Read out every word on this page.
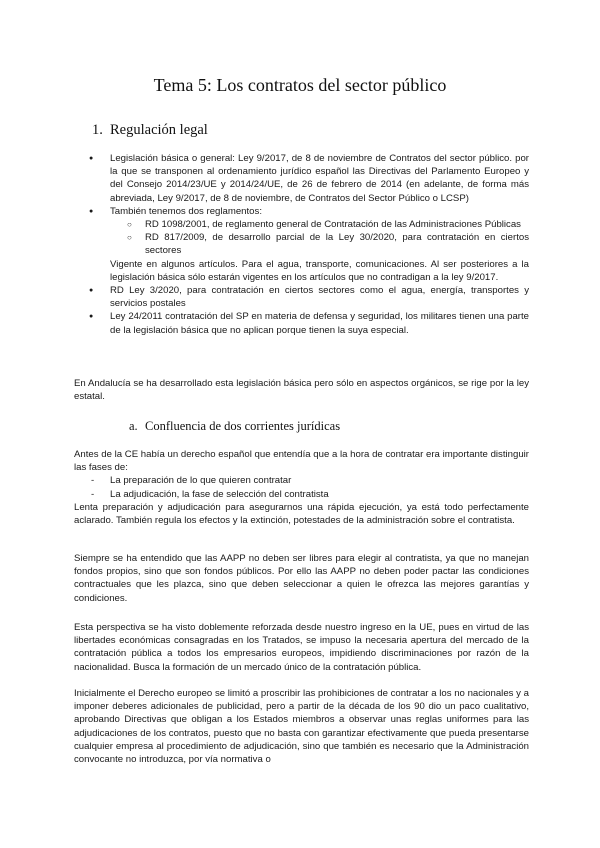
Tema 5: Los contratos del sector público
1. Regulación legal
● Legislación básica o general: Ley 9/2017, de 8 de noviembre de Contratos del sector público. por la que se transponen al ordenamiento jurídico español las Directivas del Parlamento Europeo y del Consejo 2014/23/UE y 2014/24/UE, de 26 de febrero de 2014 (en adelante, de forma más abreviada, Ley 9/2017, de 8 de noviembre, de Contratos del Sector Público o LCSP)
● También tenemos dos reglamentos:
○ RD 1098/2001, de reglamento general de Contratación de las Administraciones Públicas
○ RD 817/2009, de desarrollo parcial de la Ley 30/2020, para contratación en ciertos sectores
Vigente en algunos artículos. Para el agua, transporte, comunicaciones. Al ser posteriores a la legislación básica sólo estarán vigentes en los artículos que no contradigan a la ley 9/2017.
● RD Ley 3/2020, para contratación en ciertos sectores como el agua, energía, transportes y servicios postales
● Ley 24/2011 contratación del SP en materia de defensa y seguridad, los militares tienen una parte de la legislación básica que no aplican porque tienen la suya especial.

En Andalucía se ha desarrollado esta legislación básica pero sólo en aspectos orgánicos, se rige por la ley estatal.

a. Confluencia de dos corrientes jurídicas

Antes de la CE había un derecho español que entendía que a la hora de contratar era importante distinguir las fases de:

- La preparación de lo que quieren contratar
- La adjudicación, la fase de selección del contratista

Lenta preparación y adjudicación para asegurarnos una rápida ejecución, ya está todo perfectamente aclarado. También regula los efectos y la extinción, potestades de la administración sobre el contratista.

Siempre se ha entendido que las AAPP no deben ser libres para elegir al contratista, ya que no manejan fondos propios, sino que son fondos públicos. Por ello las AAPP no deben poder pactar las condiciones contractuales que les plazca, sino que deben seleccionar a quien le ofrezca las mejores garantías y condiciones.

Esta perspectiva se ha visto doblemente reforzada desde nuestro ingreso en la UE, pues en virtud de las libertades económicas consagradas en los Tratados, se impuso la necesaria apertura del mercado de la contratación pública a todos los empresarios europeos, impidiendo discriminaciones por razón de la nacionalidad. Busca la formación de un mercado único de la contratación pública.

Inicialmente el Derecho europeo se limitó a proscribir las prohibiciones de contratar a los no nacionales y a imponer deberes adicionales de publicidad, pero a partir de la década de los 90 dio un paco cualitativo, aprobando Directivas que obligan a los Estados miembros a observar unas reglas uniformes para las adjudicaciones de los contratos, puesto que no basta con garantizar efectivamente que pueda presentarse cualquier empresa al procedimiento de adjudicación, sino que también es necesario que la Administración convocante no introduzca, por vía normativa o
